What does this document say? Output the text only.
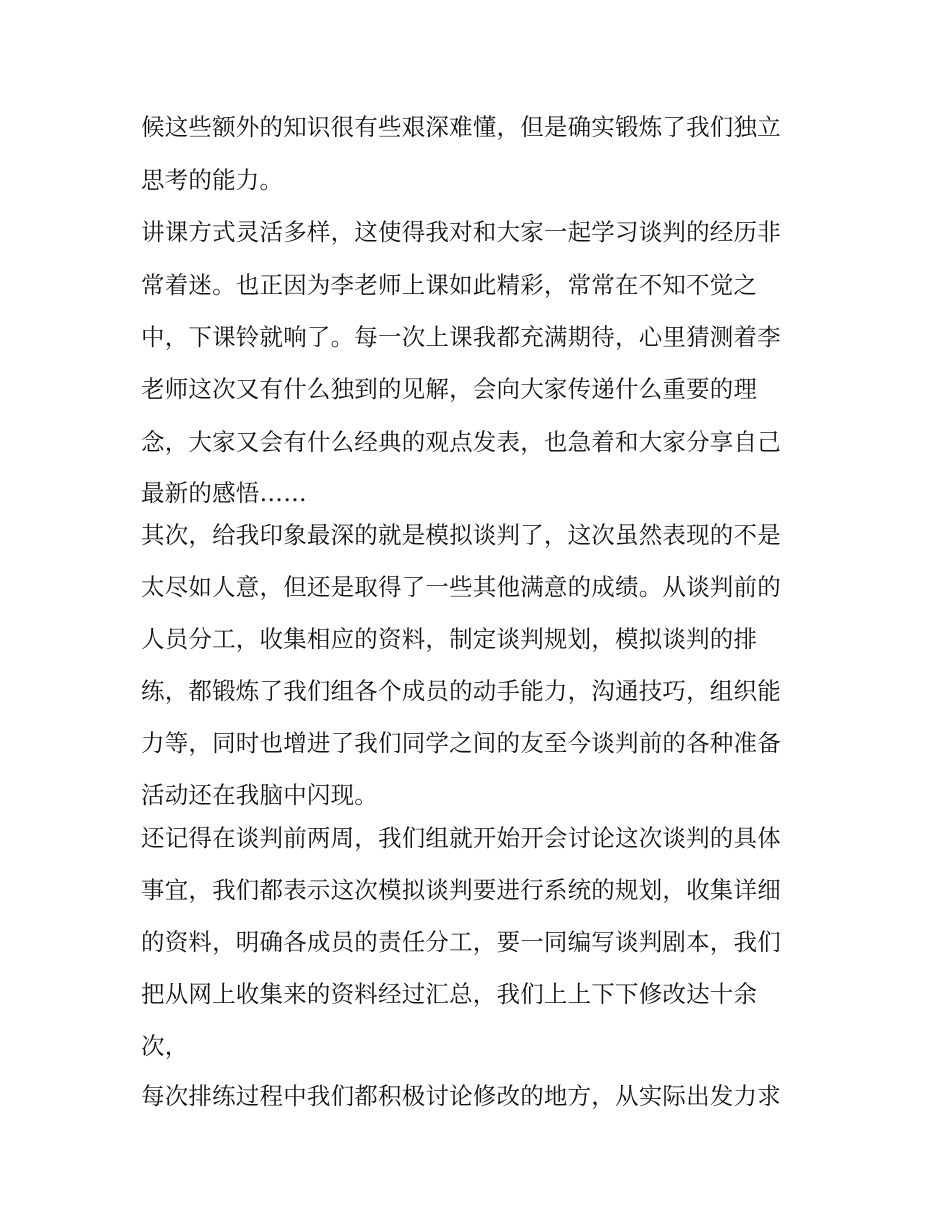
候这些额外的知识很有些艰深难懂，但是确实锻炼了我们独立
思考的能力。
讲课方式灵活多样，这使得我对和大家一起学习谈判的经历非
常着迷。也正因为李老师上课如此精彩，常常在不知不觉之
中，下课铃就响了。每一次上课我都充满期待，心里猜测着李
老师这次又有什么独到的见解，会向大家传递什么重要的理
念，大家又会有什么经典的观点发表，也急着和大家分享自己
最新的感悟……
其次，给我印象最深的就是模拟谈判了，这次虽然表现的不是
太尽如人意，但还是取得了一些其他满意的成绩。从谈判前的
人员分工，收集相应的资料，制定谈判规划，模拟谈判的排
练，都锻炼了我们组各个成员的动手能力，沟通技巧，组织能
力等，同时也增进了我们同学之间的友至今谈判前的各种准备
活动还在我脑中闪现。
还记得在谈判前两周，我们组就开始开会讨论这次谈判的具体
事宜，我们都表示这次模拟谈判要进行系统的规划，收集详细
的资料，明确各成员的责任分工，要一同编写谈判剧本，我们
把从网上收集来的资料经过汇总，我们上上下下修改达十余
次，
每次排练过程中我们都积极讨论修改的地方，从实际出发力求
